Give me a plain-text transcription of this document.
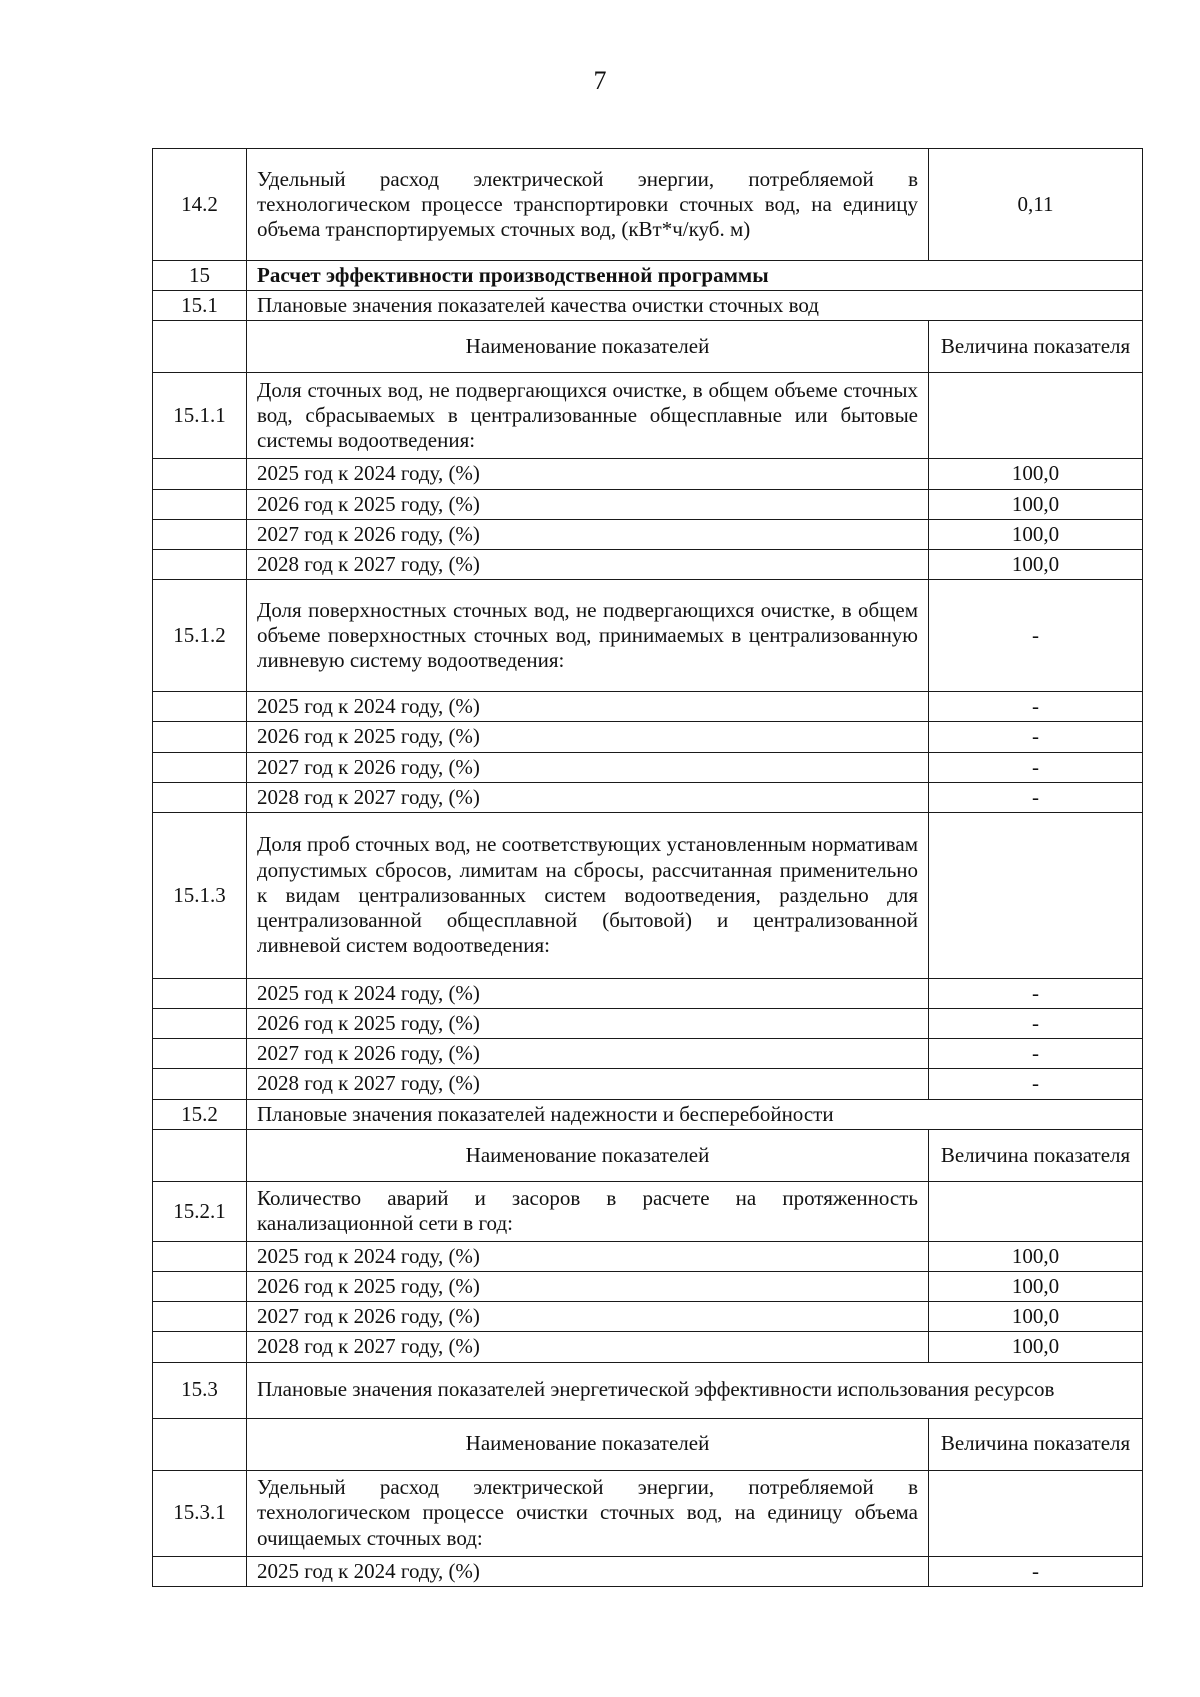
7
14.2	Удельный расход электрической энергии, потребляемой в технологическом процессе транспортировки сточных вод, на единицу объема транспортируемых сточных вод, (кВт*ч/куб. м)	0,11
15	Расчет эффективности производственной программы	
15.1	Плановые значения показателей качества очистки сточных вод	
	Наименование показателей	Величина показателя
15.1.1	Доля сточных вод, не подвергающихся очистке, в общем объеме сточных вод, сбрасываемых в централизованные общесплавные или бытовые системы водоотведения:	
	2025 год к 2024 году, (%)	100,0
	2026 год к 2025 году, (%)	100,0
	2027 год к 2026 году, (%)	100,0
	2028 год к 2027 году, (%)	100,0
15.1.2	Доля поверхностных сточных вод, не подвергающихся очистке, в общем объеме поверхностных сточных вод, принимаемых в централизованную ливневую систему водоотведения:	-
	2025 год к 2024 году, (%)	-
	2026 год к 2025 году, (%)	-
	2027 год к 2026 году, (%)	-
	2028 год к 2027 году, (%)	-
15.1.3	Доля проб сточных вод, не соответствующих установленным нормативам допустимых сбросов, лимитам на сбросы, рассчитанная применительно к видам централизованных систем водоотведения, раздельно для централизованной общесплавной (бытовой) и централизованной ливневой систем водоотведения:	
	2025 год к 2024 году, (%)	-
	2026 год к 2025 году, (%)	-
	2027 год к 2026 году, (%)	-
	2028 год к 2027 году, (%)	-
15.2	Плановые значения показателей надежности и бесперебойности	
	Наименование показателей	Величина показателя
15.2.1	Количество аварий и засоров в расчете на протяженность канализационной сети в год:	
	2025 год к 2024 году, (%)	100,0
	2026 год к 2025 году, (%)	100,0
	2027 год к 2026 году, (%)	100,0
	2028 год к 2027 году, (%)	100,0
15.3	Плановые значения показателей энергетической эффективности использования ресурсов	
	Наименование показателей	Величина показателя
15.3.1	Удельный расход электрической энергии, потребляемой в технологическом процессе очистки сточных вод, на единицу объема очищаемых сточных вод:	
	2025 год к 2024 году, (%)	-
